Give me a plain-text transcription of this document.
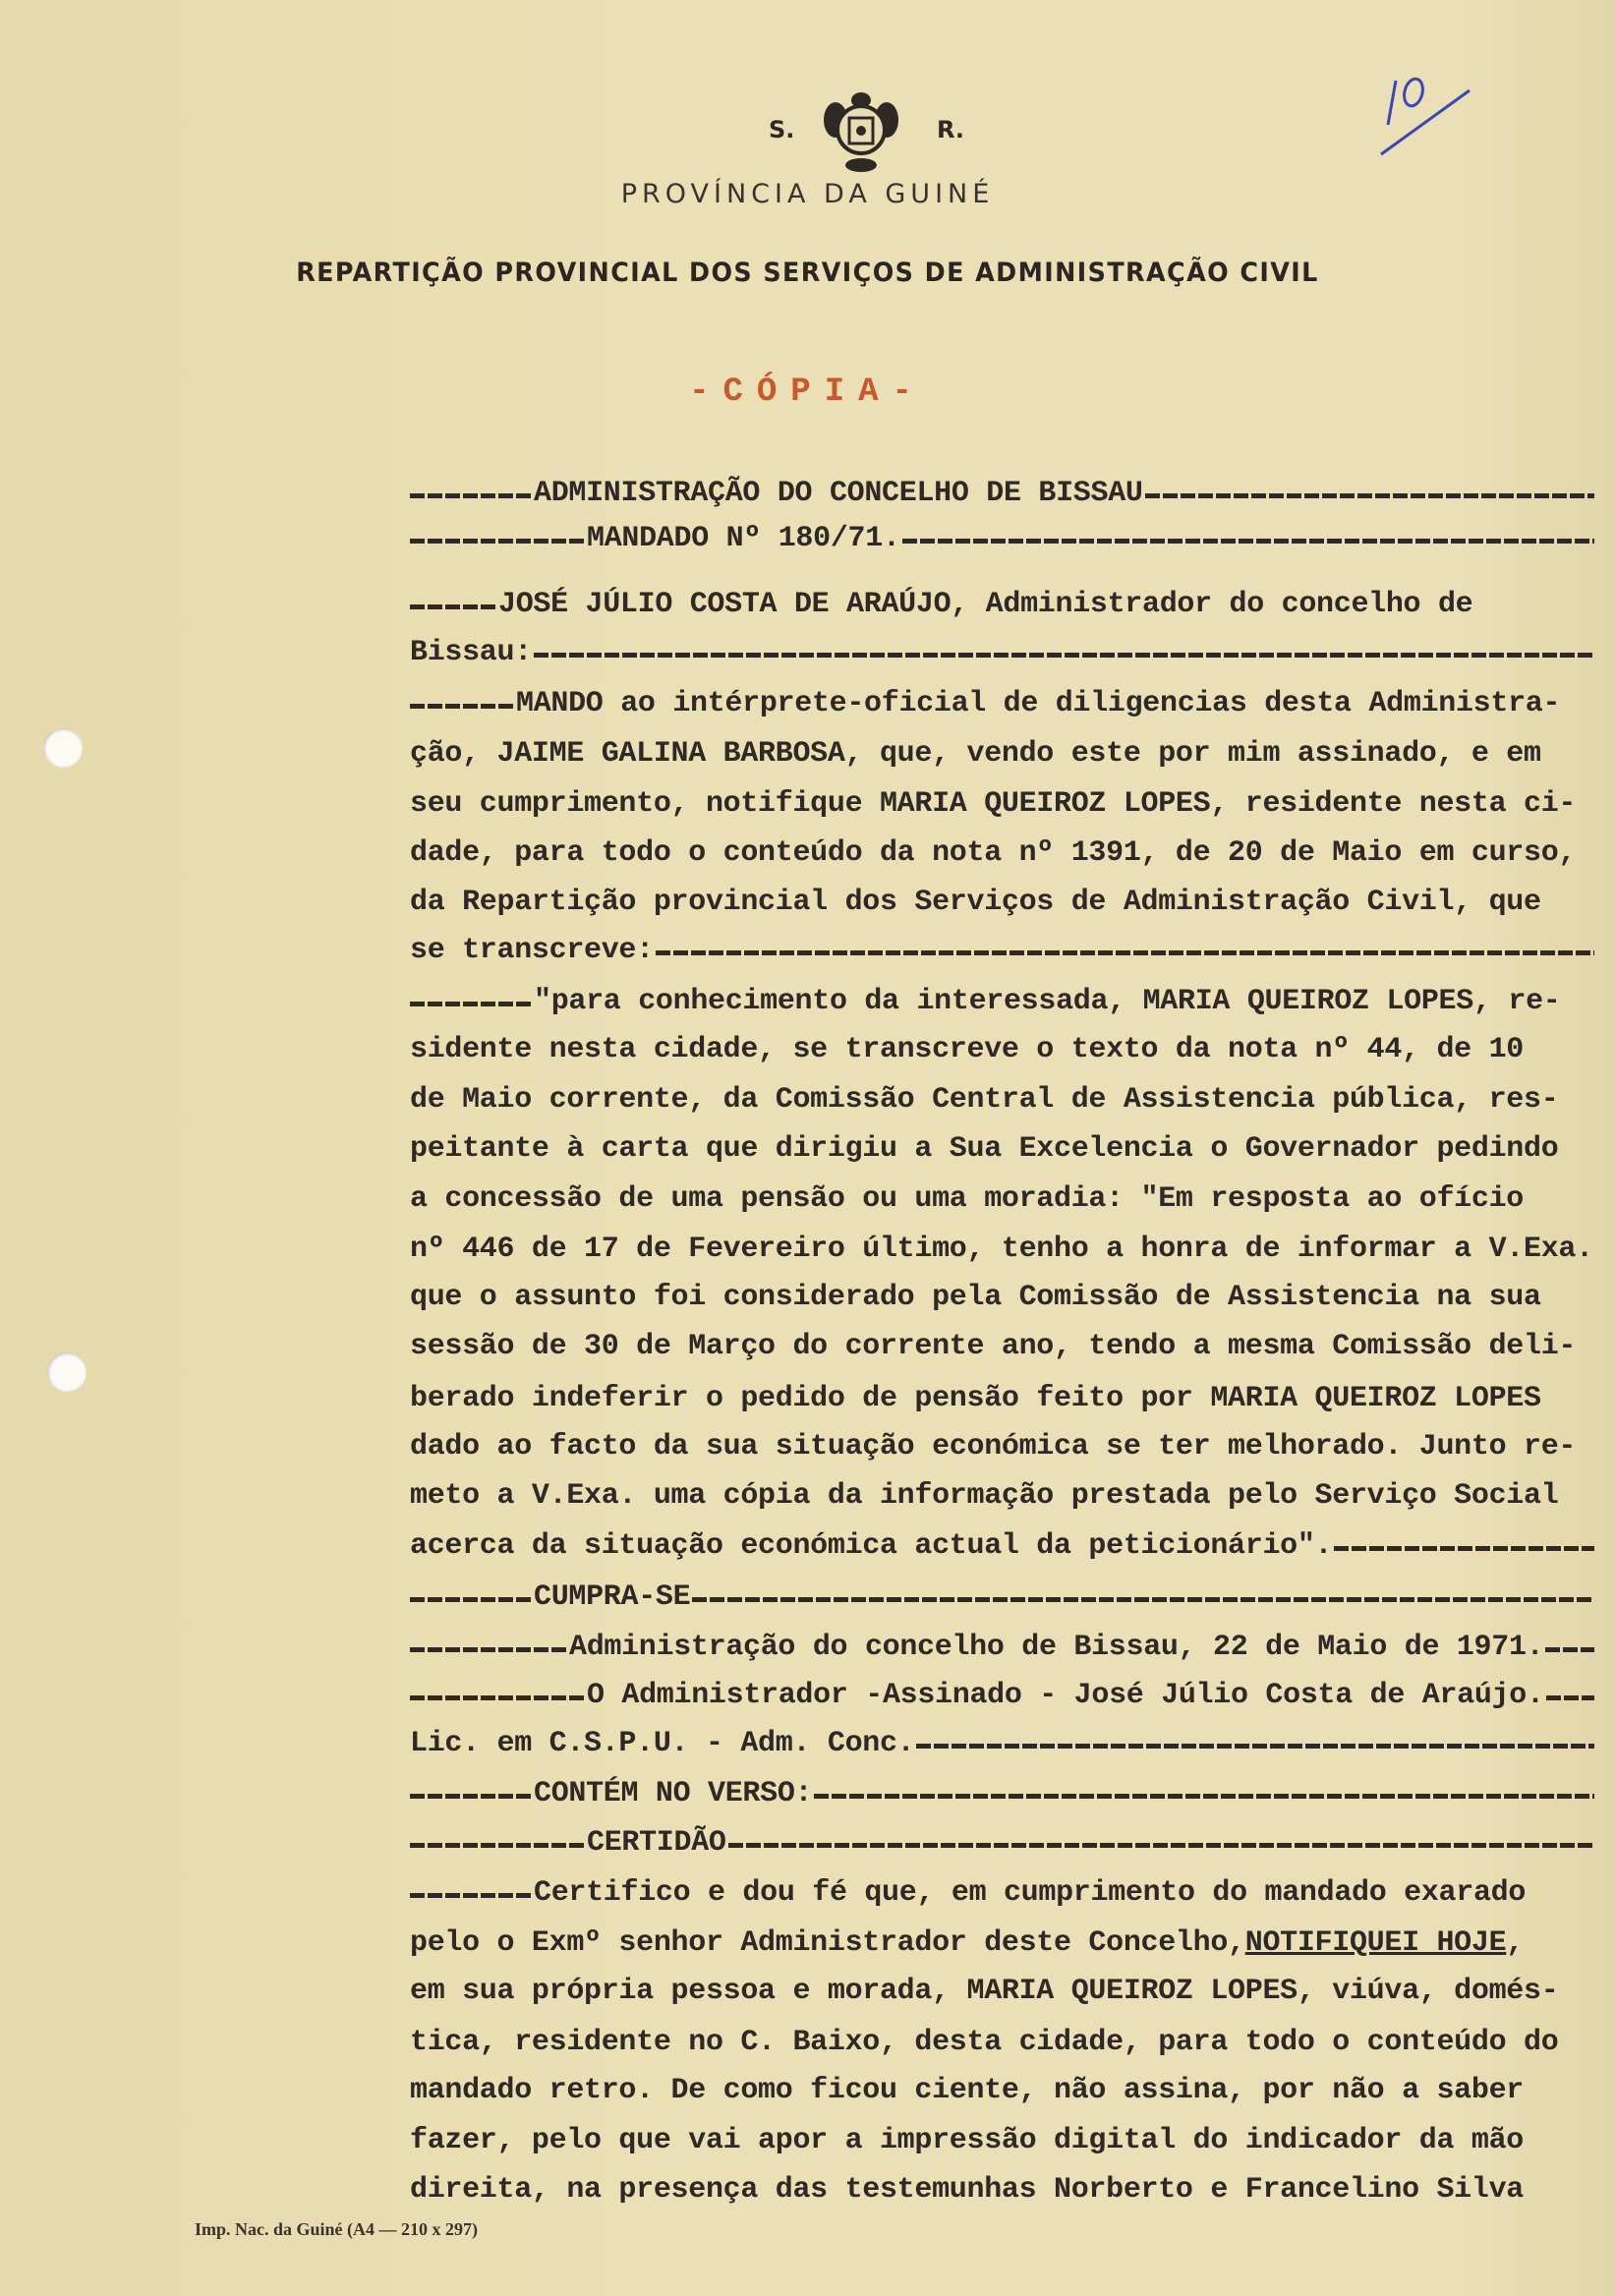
S.	R.
PROVÍNCIA DA GUINÉ
REPARTIÇÃO PROVINCIAL DOS SERVIÇOS DE ADMINISTRAÇÃO CIVIL
-CÓPIA-
ADMINISTRAÇÃO DO CONCELHO DE BISSAU
MANDADO Nº 180/71.
JOSÉ JÚLIO COSTA DE ARAÚJO, Administrador do concelho de
Bissau:
MANDO ao intérprete-oficial de diligencias desta Administra-
ção, JAIME GALINA BARBOSA, que, vendo este por mim assinado, e em
seu cumprimento, notifique MARIA QUEIROZ LOPES, residente nesta ci-
dade, para todo o conteúdo da nota nº 1391, de 20 de Maio em curso,
da Repartição provincial dos Serviços de Administração Civil, que
se transcreve:
"para conhecimento da interessada, MARIA QUEIROZ LOPES, re-
sidente nesta cidade, se transcreve o texto da nota nº 44, de 10
de Maio corrente, da Comissão Central de Assistencia pública, res-
peitante à carta que dirigiu a Sua Excelencia o Governador pedindo
a concessão de uma pensão ou uma moradia: "Em resposta ao ofício
nº 446 de 17 de Fevereiro último, tenho a honra de informar a V.Exa.
que o assunto foi considerado pela Comissão de Assistencia na sua
sessão de 30 de Março do corrente ano, tendo a mesma Comissão deli-
berado indeferir o pedido de pensão feito por MARIA QUEIROZ LOPES
dado ao facto da sua situação económica se ter melhorado. Junto re-
meto a V.Exa. uma cópia da informação prestada pelo Serviço Social
acerca da situação económica actual da peticionário".
CUMPRA-SE
Administração do concelho de Bissau, 22 de Maio de 1971.
O Administrador -Assinado - José Júlio Costa de Araújo.
Lic. em C.S.P.U. - Adm. Conc.
CONTÉM NO VERSO:
CERTIDÃO
Certifico e dou fé que, em cumprimento do mandado exarado
pelo o Exmº senhor Administrador deste Concelho, NOTIFIQUEI HOJE ,
em sua própria pessoa e morada, MARIA QUEIROZ LOPES, viúva, domés-
tica, residente no C. Baixo, desta cidade, para todo o conteúdo do
mandado retro. De como ficou ciente, não assina, por não a saber
fazer, pelo que vai apor a impressão digital do indicador da mão
direita, na presença das testemunhas Norberto e Francelino Silva
Imp. Nac. da Guiné (A4 — 210 x 297)
